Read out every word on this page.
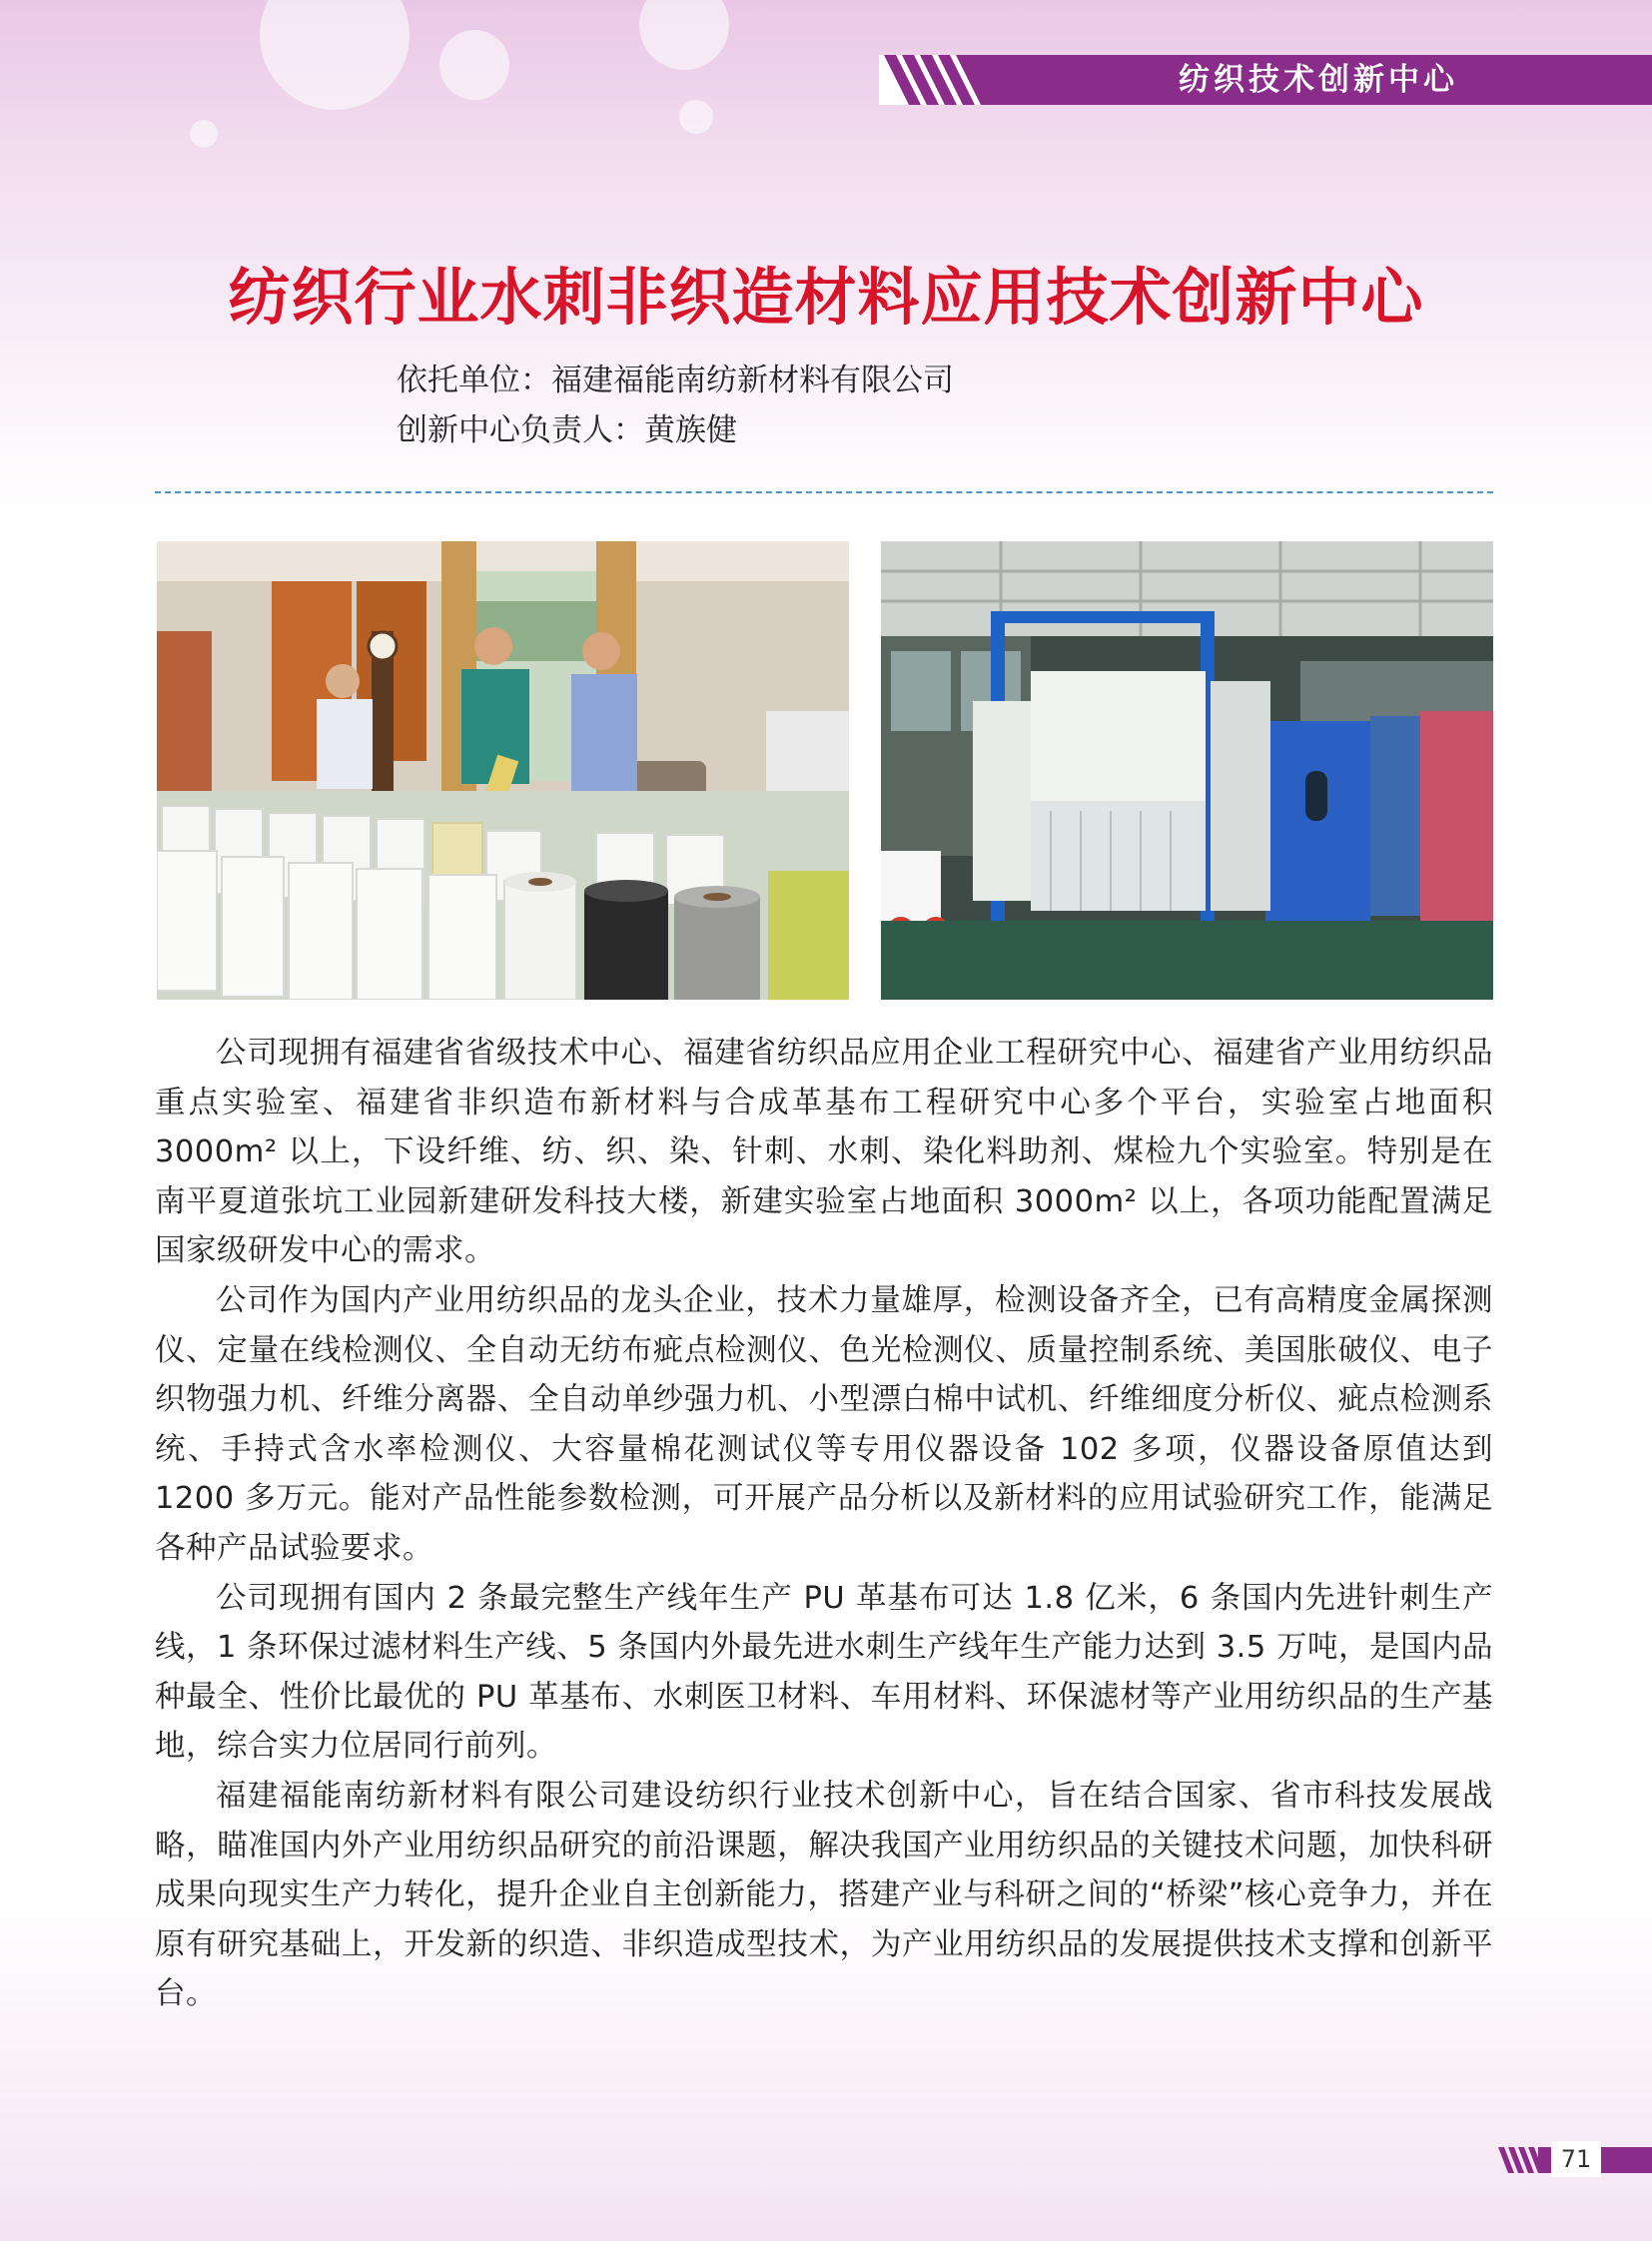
纺织技术创新中心
纺织行业水刺非织造材料应用技术创新中心
依托单位：福建福能南纺新材料有限公司
创新中心负责人：黄族健

公司现拥有福建省省级技术中心、福建省纺织品应用企业工程研究中心、福建省产业用纺织品重点实验室、福建省非织造布新材料与合成革基布工程研究中心多个平台，实验室占地面积 3000m² 以上，下设纤维、纺、织、染、针刺、水刺、染化料助剂、煤检九个实验室。特别是在南平夏道张坑工业园新建研发科技大楼，新建实验室占地面积 3000m² 以上，各项功能配置满足国家级研发中心的需求。

公司作为国内产业用纺织品的龙头企业，技术力量雄厚，检测设备齐全，已有高精度金属探测仪、定量在线检测仪、全自动无纺布疵点检测仪、色光检测仪、质量控制系统、美国胀破仪、电子织物强力机、纤维分离器、全自动单纱强力机、小型漂白棉中试机、纤维细度分析仪、疵点检测系统、手持式含水率检测仪、大容量棉花测试仪等专用仪器设备 102 多项，仪器设备原值达到 1200 多万元。能对产品性能参数检测，可开展产品分析以及新材料的应用试验研究工作，能满足各种产品试验要求。

公司现拥有国内 2 条最完整生产线年生产 PU 革基布可达 1.8 亿米，6 条国内先进针刺生产线，1 条环保过滤材料生产线、5 条国内外最先进水刺生产线年生产能力达到 3.5 万吨，是国内品种最全、性价比最优的 PU 革基布、水刺医卫材料、车用材料、环保滤材等产业用纺织品的生产基地，综合实力位居同行前列。

福建福能南纺新材料有限公司建设纺织行业技术创新中心，旨在结合国家、省市科技发展战略，瞄准国内外产业用纺织品研究的前沿课题，解决我国产业用纺织品的关键技术问题，加快科研成果向现实生产力转化，提升企业自主创新能力，搭建产业与科研之间的“桥梁”核心竞争力，并在原有研究基础上，开发新的织造、非织造成型技术，为产业用纺织品的发展提供技术支撑和创新平台。

71
